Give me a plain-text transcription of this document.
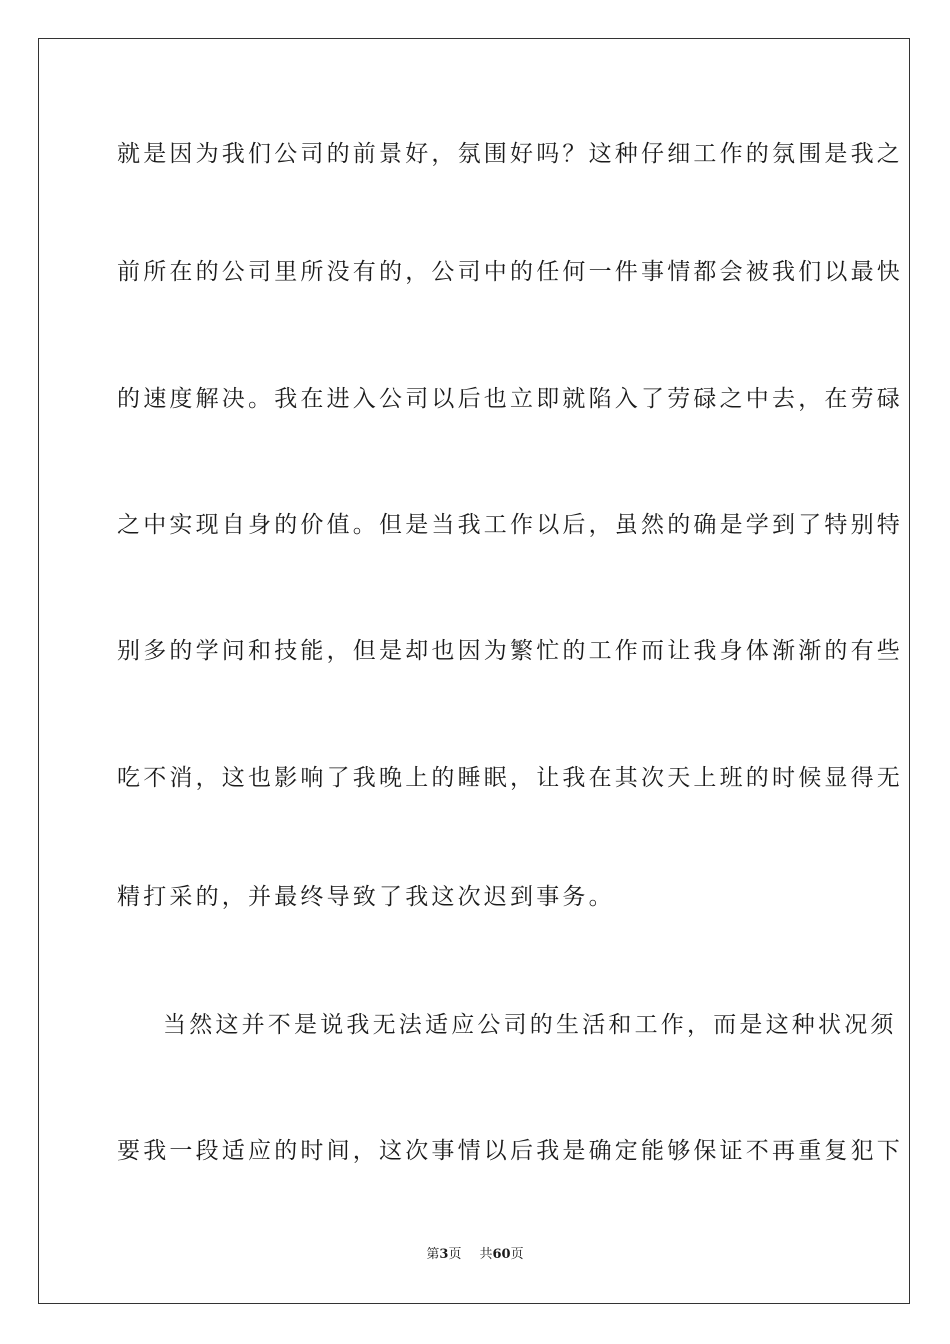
就是因为我们公司的前景好，氛围好吗？这种仔细工作的氛围是我之
前所在的公司里所没有的，公司中的任何一件事情都会被我们以最快
的速度解决。我在进入公司以后也立即就陷入了劳碌之中去，在劳碌
之中实现自身的价值。但是当我工作以后，虽然的确是学到了特别特
别多的学问和技能，但是却也因为繁忙的工作而让我身体渐渐的有些
吃不消，这也影响了我晚上的睡眠，让我在其次天上班的时候显得无
精打采的，并最终导致了我这次迟到事务。
当然这并不是说我无法适应公司的生活和工作，而是这种状况须
要我一段适应的时间，这次事情以后我是确定能够保证不再重复犯下
第3页 共60页
